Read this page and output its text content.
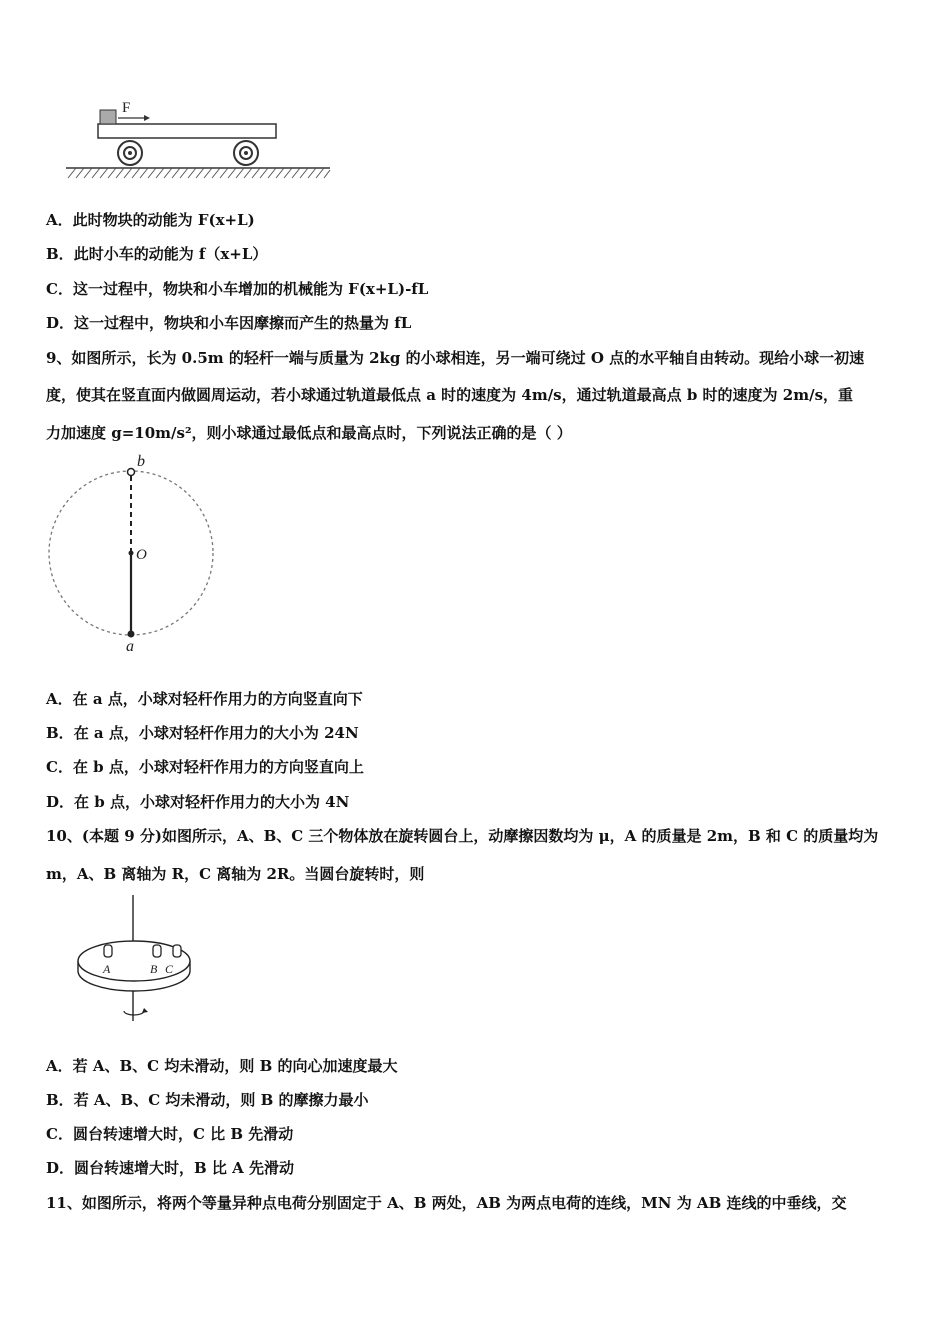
F
A．此时物块的动能为 F(x+L)
B．此时小车的动能为 f（x+L）
C．这一过程中，物块和小车增加的机械能为 F(x+L)-fL
D．这一过程中，物块和小车因摩擦而产生的热量为 fL
9、如图所示，长为 0.5m 的轻杆一端与质量为 2kg 的小球相连，另一端可绕过 O 点的水平轴自由转动。现给小球一初速
度，使其在竖直面内做圆周运动，若小球通过轨道最低点 a 时的速度为 4m/s，通过轨道最高点 b 时的速度为 2m/s，重
力加速度 g=10m/s²，则小球通过最低点和最高点时，下列说法正确的是（ ）
b
O
a
A．在 a 点，小球对轻杆作用力的方向竖直向下
B．在 a 点，小球对轻杆作用力的大小为 24N
C．在 b 点，小球对轻杆作用力的方向竖直向上
D．在 b 点，小球对轻杆作用力的大小为 4N
10、(本题 9 分)如图所示，A、B、C 三个物体放在旋转圆台上，动摩擦因数均为 μ，A 的质量是 2m，B 和 C 的质量均为
m，A、B 离轴为 R，C 离轴为 2R。当圆台旋转时，则
A	B C
A．若 A、B、C 均未滑动，则 B 的向心加速度最大
B．若 A、B、C 均未滑动，则 B 的摩擦力最小
C．圆台转速增大时，C 比 B 先滑动
D．圆台转速增大时，B 比 A 先滑动
11、如图所示，将两个等量异种点电荷分别固定于 A、B 两处，AB 为两点电荷的连线，MN 为 AB 连线的中垂线，交
